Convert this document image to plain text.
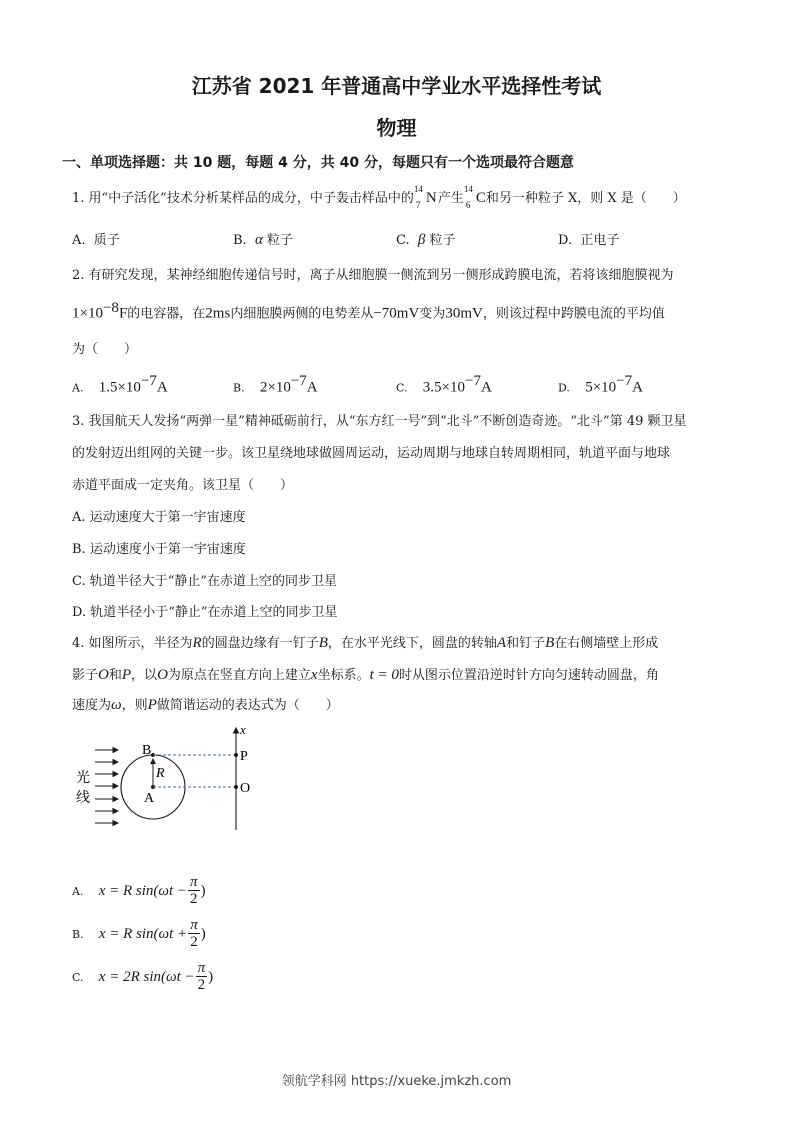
江苏省 2021 年普通高中学业水平选择性考试
物理
一、单项选择题：共 10 题，每题 4 分，共 40 分，每题只有一个选项最符合题意
1. 用“中子活化”技术分析某样品的成分，中子轰击样品中的
14
7 N产生
14
6 C和另一种粒子 X，则 X 是（　　）
A. 质子	B. α 粒子	C. β 粒子	D. 正电子
2. 有研究发现，某神经细胞传递信号时，离子从细胞膜一侧流到另一侧形成跨膜电流，若将该细胞膜视为
$1\times 10^{-8}F$的电容器，在2ms内细胞膜两侧的电势差从−70mV变为30mV，则该过程中跨膜电流的平均值
为（　　）
A. $1.5\times 10^{-7}A$	B. $2\times 10^{-7}A$	C. $3.5\times 10^{-7}A$	D. $5\times 10^{-7}A$
3. 我国航天人发扬“两弹一星”精神砥砺前行，从“东方红一号”到“北斗”不断创造奇迹。“北斗”第 49 颗卫星
的发射迈出组网的关键一步。该卫星绕地球做圆周运动，运动周期与地球自转周期相同，轨道平面与地球
赤道平面成一定夹角。该卫星（　　）
A. 运动速度大于第一宇宙速度
B. 运动速度小于第一宇宙速度
C. 轨道半径大于“静止”在赤道上空的同步卫星
D. 轨道半径小于“静止”在赤道上空的同步卫星
4. 如图所示，半径为R的圆盘边缘有一钉子B，在水平光线下，圆盘的转轴A和钉子B在右侧墙壁上形成
影子O和P，以O为原点在竖直方向上建立x坐标系。t = 0时从图示位置沿逆时针方向匀速转动圆盘，角
速度为ω，则P做简谐运动的表达式为（　　）
光
线
B
R
A
x
P
O
A. x = R $\sin(\omega t - \frac{\pi}{2}$ )
B. x = R $\sin(\omega t + \frac{\pi}{2}$ )
C. x = 2R $\sin(\omega t - \frac{\pi}{2}$ )
领航学科网 https://xueke.jmkzh.com
